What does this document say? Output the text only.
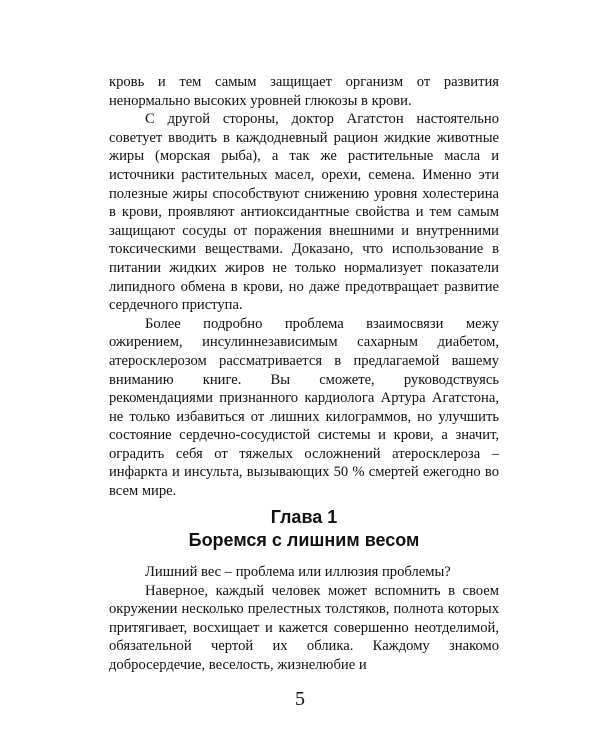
кровь и тем самым защищает организм от развития ненормально высоких уровней глюкозы в крови.

С другой стороны, доктор Агатстон настоятельно советует вводить в каждодневный рацион жидкие животные жиры (морская рыба), а так же растительные масла и источники растительных масел, орехи, семена. Именно эти полезные жиры способствуют снижению уровня холестерина в крови, проявляют антиоксидантные свойства и тем самым защищают сосуды от поражения внешними и внутренними токсическими веществами. Доказано, что использование в питании жидких жиров не только нормализует показатели липидного обмена в крови, но даже предотвращает развитие сердечного приступа.

Более подробно проблема взаимосвязи межу ожирением, инсулиннезависимым сахарным диабетом, атеросклерозом рассматривается в предлагаемой вашему вниманию книге. Вы сможете, руководствуясь рекомендациями признанного кардиолога Артура Агатстона, не только избавиться от лишних килограммов, но улучшить состояние сердечно-сосудистой системы и крови, а значит, оградить себя от тяжелых осложнений атеросклероза – инфаркта и инсульта, вызывающих 50 % смертей ежегодно во всем мире.

Глава 1
Боремся с лишним весом

Лишний вес – проблема или иллюзия проблемы?

Наверное, каждый человек может вспомнить в своем окружении несколько прелестных толстяков, полнота которых притягивает, восхищает и кажется совершенно неотделимой, обязательной чертой их облика. Каждому знакомо добросердечие, веселость, жизнелюбие и

5
